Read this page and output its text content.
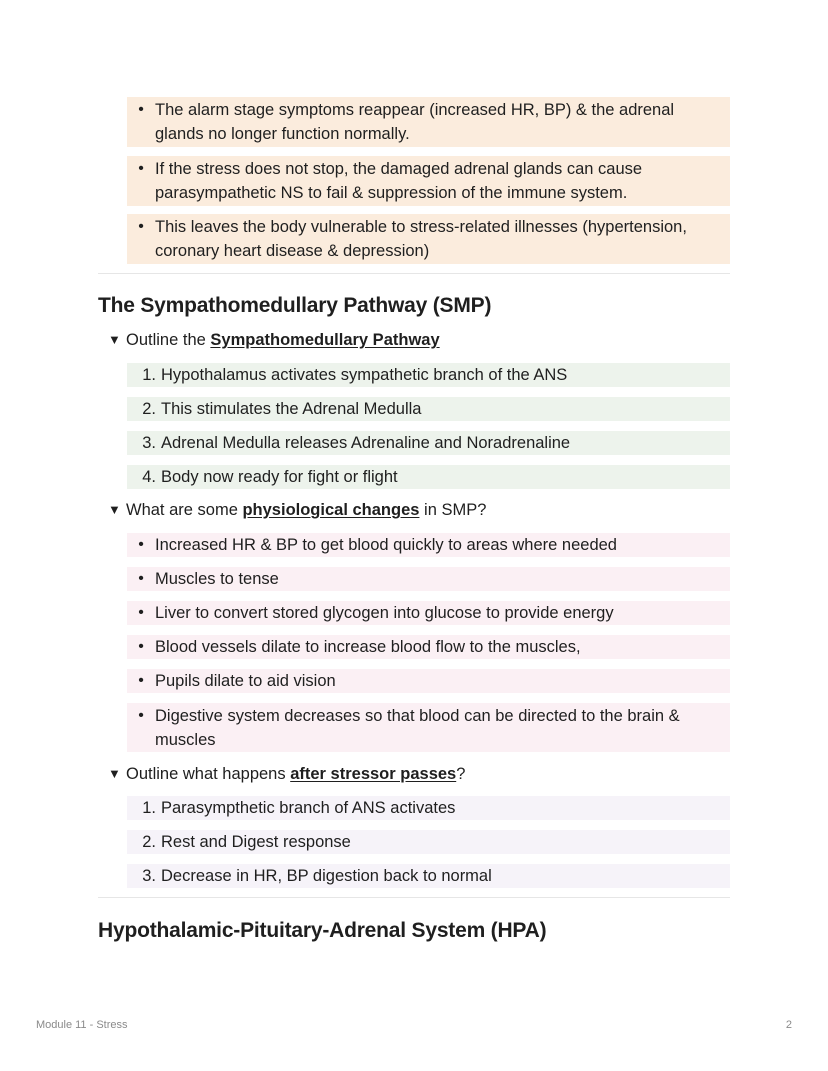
• The alarm stage symptoms reappear (increased HR, BP) & the adrenal
glands no longer function normally.
• If the stress does not stop, the damaged adrenal glands can cause
parasympathetic NS to fail & suppression of the immune system.
• This leaves the body vulnerable to stress-related illnesses (hypertension,
coronary heart disease & depression)
The Sympathomedullary Pathway (SMP)
▼ Outline the Sympathomedullary Pathway
1. Hypothalamus activates sympathetic branch of the ANS
2. This stimulates the Adrenal Medulla
3. Adrenal Medulla releases Adrenaline and Noradrenaline
4. Body now ready for fight or flight
▼ What are some physiological changes in SMP?
• Increased HR & BP to get blood quickly to areas where needed
• Muscles to tense
• Liver to convert stored glycogen into glucose to provide energy
• Blood vessels dilate to increase blood flow to the muscles,
• Pupils dilate to aid vision
• Digestive system decreases so that blood can be directed to the brain &
muscles
▼ Outline what happens after stressor passes ?
1. Parasympthetic branch of ANS activates
2. Rest and Digest response
3. Decrease in HR, BP digestion back to normal
Hypothalamic-Pituitary-Adrenal System (HPA)
Module 11 - Stress	2
